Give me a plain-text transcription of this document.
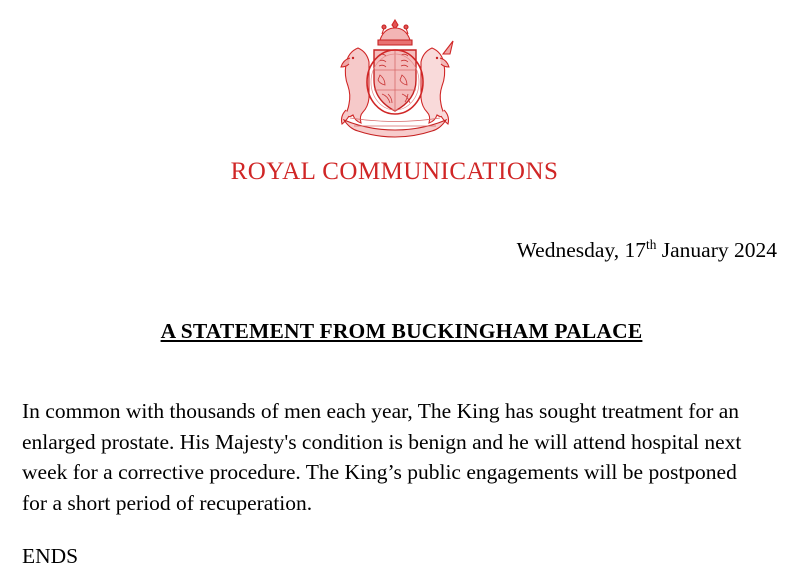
ROYAL COMMUNICATIONS
Wednesday, 17th January 2024
A STATEMENT FROM BUCKINGHAM PALACE

In common with thousands of men each year, The King has sought treatment for an enlarged prostate. His Majesty's condition is benign and he will attend hospital next week for a corrective procedure. The King’s public engagements will be postponed for a short period of recuperation.

ENDS
